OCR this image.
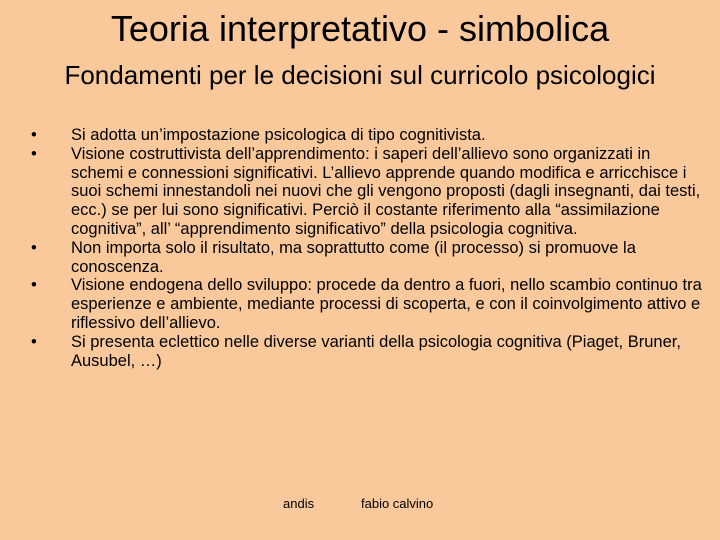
Teoria interpretativo - simbolica
Fondamenti per le decisioni sul curricolo psicologici
• Si adotta un’impostazione psicologica di tipo cognitivista.
• Visione costruttivista dell’apprendimento: i saperi dell’allievo sono organizzati in schemi e connessioni significativi. L’allievo apprende quando modifica e arricchisce i suoi schemi innestandoli nei nuovi che gli vengono proposti (dagli insegnanti, dai testi, ecc.) se per lui sono significativi. Perciò il costante riferimento alla “assimilazione cognitiva”, all’ “apprendimento significativo” della psicologia cognitiva.
• Non importa solo il risultato, ma soprattutto come (il processo) si promuove la conoscenza.
• Visione endogena dello sviluppo: procede da dentro a fuori, nello scambio continuo tra esperienze e ambiente, mediante processi di scoperta, e con il coinvolgimento attivo e riflessivo dell’allievo.
• Si presenta eclettico nelle diverse varianti della psicologia cognitiva (Piaget, Bruner, Ausubel, …)
andis	fabio calvino
